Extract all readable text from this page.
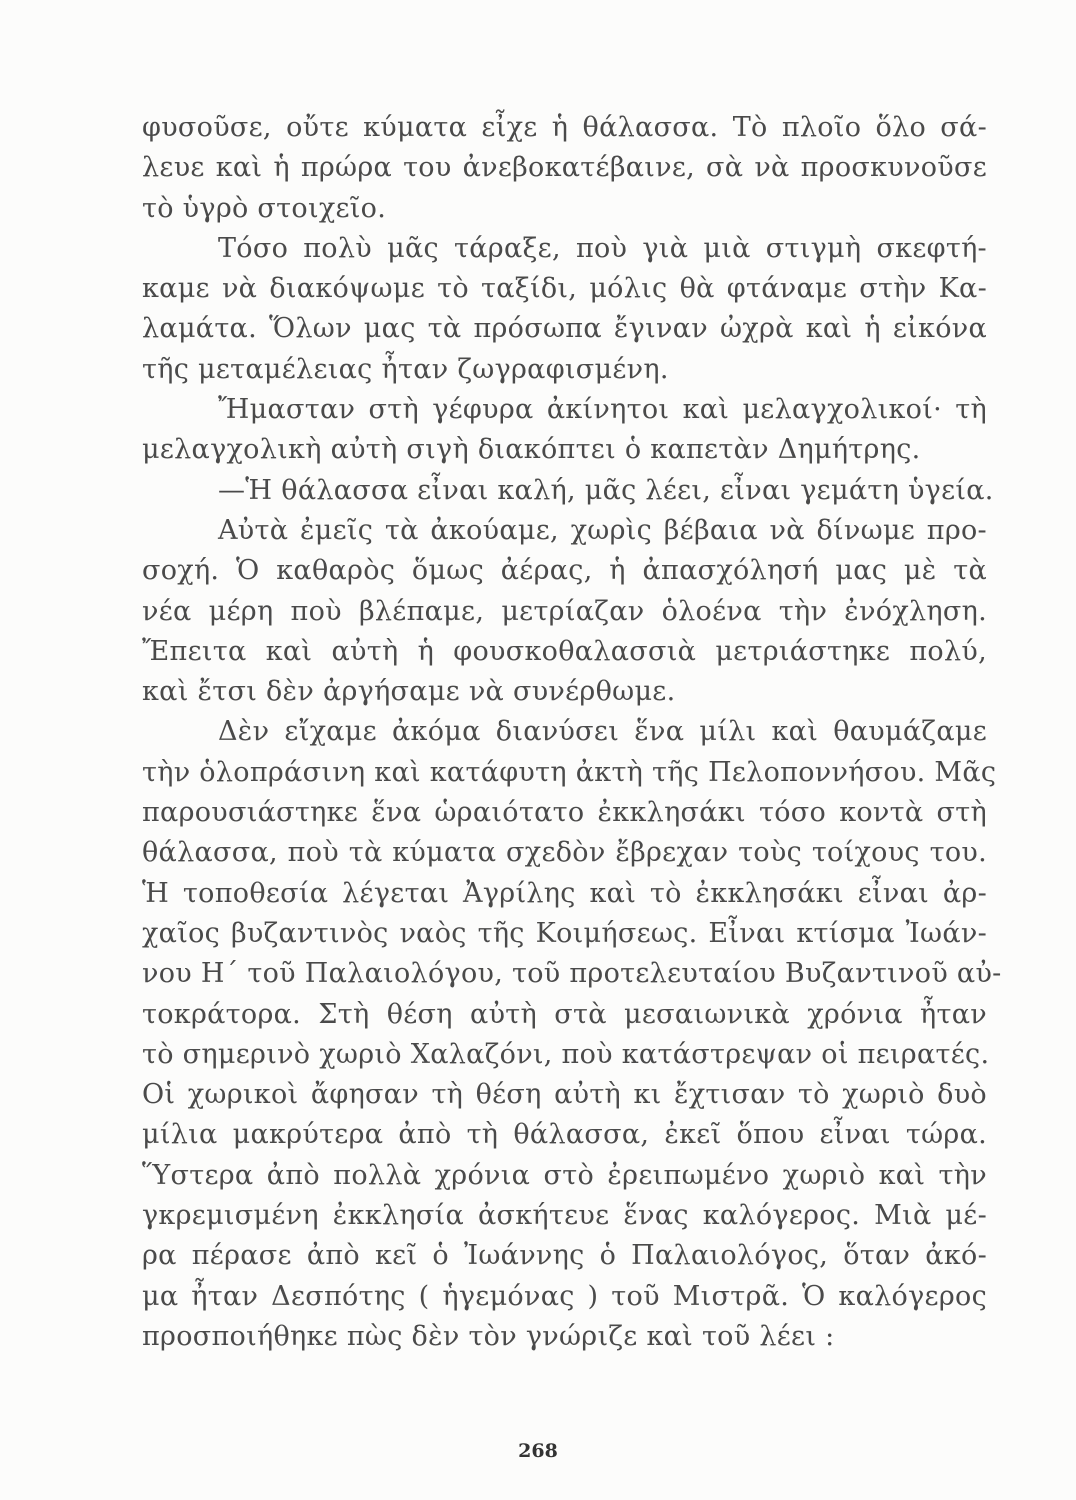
φυσοῦσε, οὔτε κύματα εἶχε ἡ θάλασσα. Τὸ πλοῖο ὅλο σά-
λευε καὶ ἡ πρώρα του ἀνεβοκατέβαινε, σὰ νὰ προσκυνοῦσε
τὸ ὑγρὸ στοιχεῖο.
Τόσο πολὺ μᾶς τάραξε, ποὺ γιὰ μιὰ στιγμὴ σκεφτή-
καμε νὰ διακόψωμε τὸ ταξίδι, μόλις θὰ φτάναμε στὴν Κα-
λαμάτα. Ὅλων μας τὰ πρόσωπα ἔγιναν ὠχρὰ καὶ ἡ εἰκόνα
τῆς μεταμέλειας ἦταν ζωγραφισμένη.
Ἤμασταν στὴ γέφυρα ἀκίνητοι καὶ μελαγχολικοί· τὴ
μελαγχολικὴ αὐτὴ σιγὴ διακόπτει ὁ καπετὰν Δημήτρης.
—Ἡ θάλασσα εἶναι καλή, μᾶς λέει, εἶναι γεμάτη ὑγεία.
Αὐτὰ ἐμεῖς τὰ ἀκούαμε, χωρὶς βέβαια νὰ δίνωμε προ-
σοχή. Ὁ καθαρὸς ὅμως ἀέρας, ἡ ἀπασχόλησή μας μὲ τὰ
νέα μέρη ποὺ βλέπαμε, μετρίαζαν ὁλοένα τὴν ἐνόχληση.
Ἔπειτα καὶ αὐτὴ ἡ φουσκοθαλασσιὰ μετριάστηκε πολύ,
καὶ ἔτσι δὲν ἀργήσαμε νὰ συνέρθωμε.
Δὲν εἴχαμε ἀκόμα διανύσει ἕνα μίλι καὶ θαυμάζαμε
τὴν ὁλοπράσινη καὶ κατάφυτη ἀκτὴ τῆς Πελοποννήσου. Μᾶς
παρουσιάστηκε ἕνα ὡραιότατο ἐκκλησάκι τόσο κοντὰ στὴ
θάλασσα, ποὺ τὰ κύματα σχεδὸν ἔβρεχαν τοὺς τοίχους του.
Ἡ τοποθεσία λέγεται Ἀγρίλης καὶ τὸ ἐκκλησάκι εἶναι ἀρ-
χαῖος βυζαντινὸς ναὸς τῆς Κοιμήσεως. Εἶναι κτίσμα Ἰωάν-
νου Η΄ τοῦ Παλαιολόγου, τοῦ προτελευταίου Βυζαντινοῦ αὐ-
τοκράτορα. Στὴ θέση αὐτὴ στὰ μεσαιωνικὰ χρόνια ἦταν
τὸ σημερινὸ χωριὸ Χαλαζόνι, ποὺ κατάστρεψαν οἱ πειρατές.
Οἱ χωρικοὶ ἄφησαν τὴ θέση αὐτὴ κι ἔχτισαν τὸ χωριὸ δυὸ
μίλια μακρύτερα ἀπὸ τὴ θάλασσα, ἐκεῖ ὅπου εἶναι τώρα.
Ὕστερα ἀπὸ πολλὰ χρόνια στὸ ἐρειπωμένο χωριὸ καὶ τὴν
γκρεμισμένη ἐκκλησία ἀσκήτευε ἕνας καλόγερος. Μιὰ μέ-
ρα πέρασε ἀπὸ κεῖ ὁ Ἰωάννης ὁ Παλαιολόγος, ὅταν ἀκό-
μα ἦταν Δεσπότης ( ἡγεμόνας ) τοῦ Μιστρᾶ. Ὁ καλόγερος
προσποιήθηκε πὼς δὲν τὸν γνώριζε καὶ τοῦ λέει :
268
